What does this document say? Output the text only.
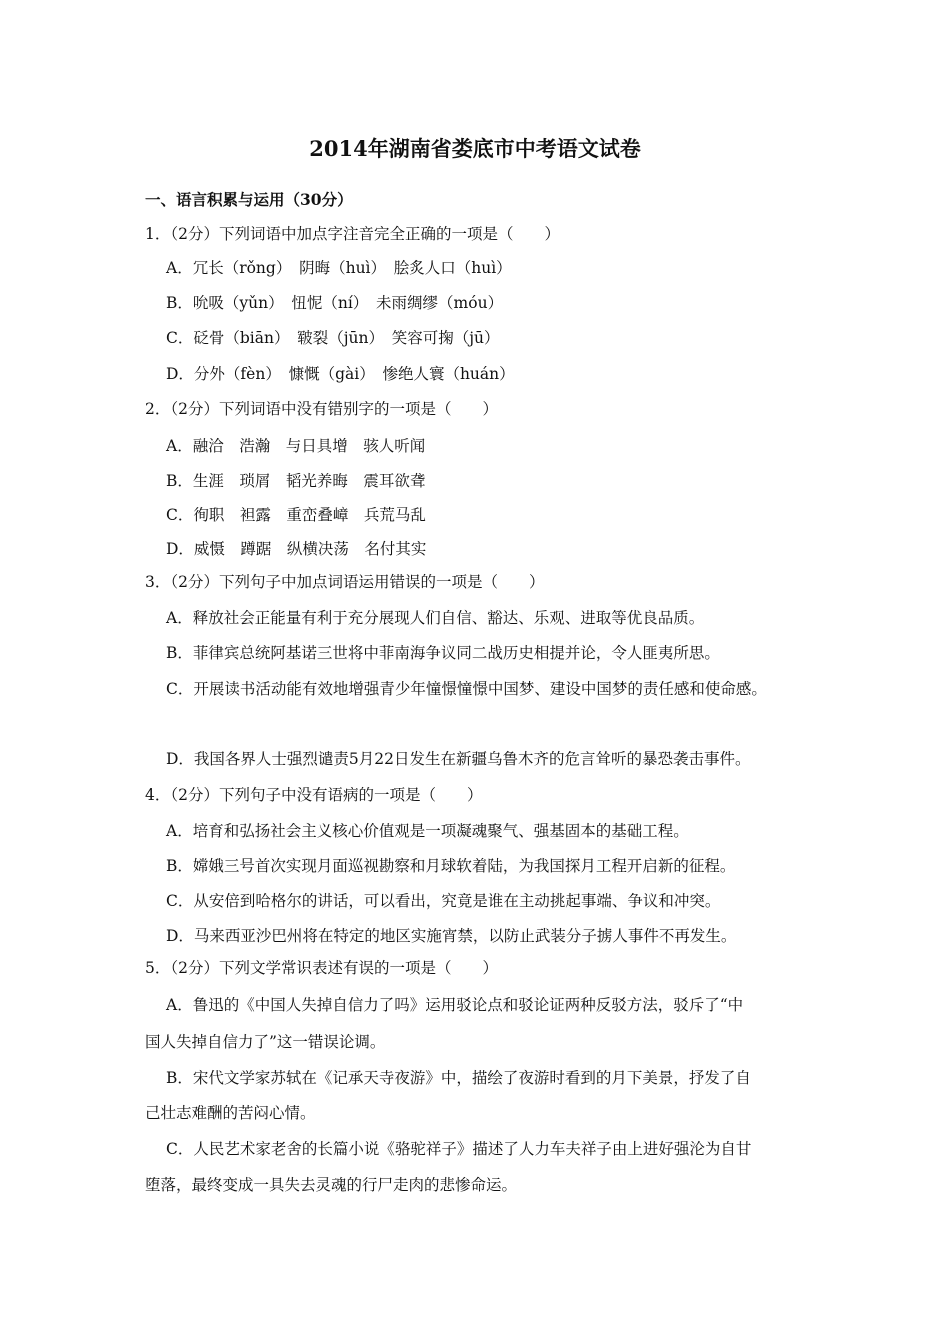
2014年湖南省娄底市中考语文试卷
一、语言积累与运用（30分）
1．（2分）下列词语中加点字注音完全正确的一项是（　　）
A．冗长（rǒng）　阴晦（huì）　脍炙人口（huì）
B．吮吸（yǔn）　忸怩（ní）　未雨绸缪（móu）
C．砭骨（biān）　皲裂（jūn）　笑容可掬（jū）
D．分外（fèn）　慷慨（gài）　惨绝人寰（huán）
2．（2分）下列词语中没有错别字的一项是（　　）
A．融洽　浩瀚　与日具增　骇人听闻
B．生涯　琐屑　韬光养晦　震耳欲聋
C．徇职　袒露　重峦叠嶂　兵荒马乱
D．威慑　蹲踞　纵横决荡　名付其实
3．（2分）下列句子中加点词语运用错误的一项是（　　）
A．释放社会正能量有利于充分展现人们自信、豁达、乐观、进取等优良品质。
B．菲律宾总统阿基诺三世将中菲南海争议同二战历史相提并论，令人匪夷所思。
C．开展读书活动能有效地增强青少年憧憬憧憬中国梦、建设中国梦的责任感和使命感。
D．我国各界人士强烈谴责5月22日发生在新疆乌鲁木齐的危言耸听的暴恐袭击事件。
4．（2分）下列句子中没有语病的一项是（　　）
A．培育和弘扬社会主义核心价值观是一项凝魂聚气、强基固本的基础工程。
B．嫦娥三号首次实现月面巡视勘察和月球软着陆，为我国探月工程开启新的征程。
C．从安倍到哈格尔的讲话，可以看出，究竟是谁在主动挑起事端、争议和冲突。
D．马来西亚沙巴州将在特定的地区实施宵禁，以防止武装分子掳人事件不再发生。
5．（2分）下列文学常识表述有误的一项是（　　）
A．鲁迅的《中国人失掉自信力了吗》运用驳论点和驳论证两种反驳方法，驳斥了“中
国人失掉自信力了”这一错误论调。
B．宋代文学家苏轼在《记承天寺夜游》中，描绘了夜游时看到的月下美景，抒发了自
己壮志难酬的苦闷心情。
C．人民艺术家老舍的长篇小说《骆驼祥子》描述了人力车夫祥子由上进好强沦为自甘
堕落，最终变成一具失去灵魂的行尸走肉的悲惨命运。
